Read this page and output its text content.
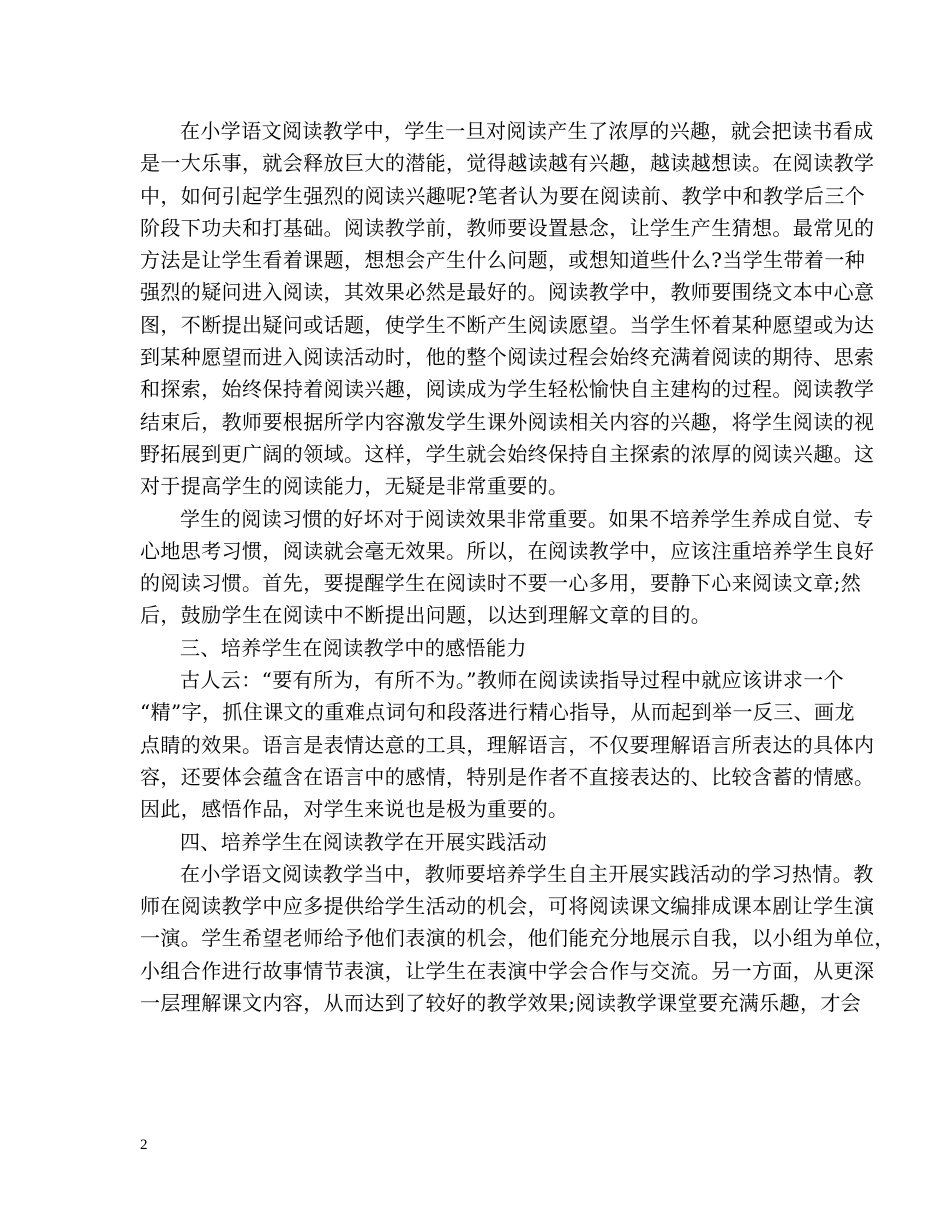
在小学语文阅读教学中，学生一旦对阅读产生了浓厚的兴趣，就会把读书看成
是一大乐事，就会释放巨大的潜能，觉得越读越有兴趣，越读越想读。在阅读教学
中，如何引起学生强烈的阅读兴趣呢?笔者认为要在阅读前、教学中和教学后三个
阶段下功夫和打基础。阅读教学前，教师要设置悬念，让学生产生猜想。最常见的
方法是让学生看着课题，想想会产生什么问题，或想知道些什么?当学生带着一种
强烈的疑问进入阅读，其效果必然是最好的。阅读教学中，教师要围绕文本中心意
图，不断提出疑问或话题，使学生不断产生阅读愿望。当学生怀着某种愿望或为达
到某种愿望而进入阅读活动时，他的整个阅读过程会始终充满着阅读的期待、思索
和探索，始终保持着阅读兴趣，阅读成为学生轻松愉快自主建构的过程。阅读教学
结束后，教师要根据所学内容激发学生课外阅读相关内容的兴趣，将学生阅读的视
野拓展到更广阔的领域。这样，学生就会始终保持自主探索的浓厚的阅读兴趣。这
对于提高学生的阅读能力，无疑是非常重要的。
学生的阅读习惯的好坏对于阅读效果非常重要。如果不培养学生养成自觉、专
心地思考习惯，阅读就会毫无效果。所以，在阅读教学中，应该注重培养学生良好
的阅读习惯。首先，要提醒学生在阅读时不要一心多用，要静下心来阅读文章;然
后，鼓励学生在阅读中不断提出问题，以达到理解文章的目的。
三、培养学生在阅读教学中的感悟能力
古人云：“要有所为，有所不为。”教师在阅读读指导过程中就应该讲求一个
“精”字，抓住课文的重难点词句和段落进行精心指导，从而起到举一反三、画龙
点睛的效果。语言是表情达意的工具，理解语言，不仅要理解语言所表达的具体内
容，还要体会蕴含在语言中的感情，特别是作者不直接表达的、比较含蓄的情感。
因此，感悟作品，对学生来说也是极为重要的。
四、培养学生在阅读教学在开展实践活动
在小学语文阅读教学当中，教师要培养学生自主开展实践活动的学习热情。教
师在阅读教学中应多提供给学生活动的机会，可将阅读课文编排成课本剧让学生演
一演。学生希望老师给予他们表演的机会，他们能充分地展示自我，以小组为单位，
小组合作进行故事情节表演，让学生在表演中学会合作与交流。另一方面，从更深
一层理解课文内容，从而达到了较好的教学效果;阅读教学课堂要充满乐趣，才会
2
